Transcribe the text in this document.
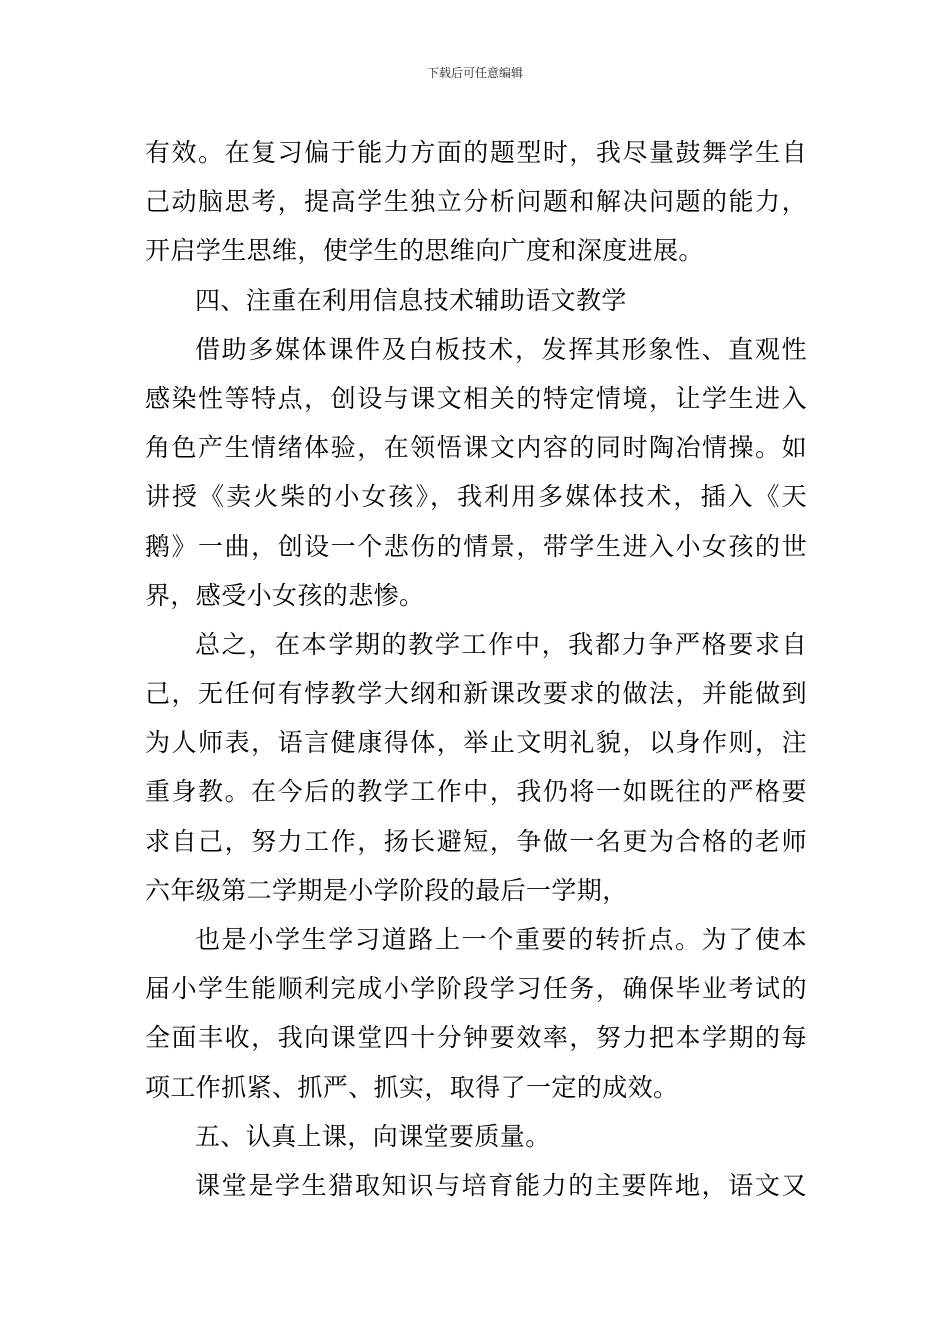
下载后可任意编辑
有效。在复习偏于能力方面的题型时，我尽量鼓舞学生自
己动脑思考，提高学生独立分析问题和解决问题的能力，
开启学生思维，使学生的思维向广度和深度进展。
四、注重在利用信息技术辅助语文教学
借助多媒体课件及白板技术，发挥其形象性、直观性
感染性等特点，创设与课文相关的特定情境，让学生进入
角色产生情绪体验，在领悟课文内容的同时陶冶情操。如
讲授《卖火柴的小女孩》，我利用多媒体技术，插入《天
鹅》一曲，创设一个悲伤的情景，带学生进入小女孩的世
界，感受小女孩的悲惨。
总之，在本学期的教学工作中，我都力争严格要求自
己，无任何有悖教学大纲和新课改要求的做法，并能做到
为人师表，语言健康得体，举止文明礼貌，以身作则，注
重身教。在今后的教学工作中，我仍将一如既往的严格要
求自己，努力工作，扬长避短，争做一名更为合格的老师
六年级第二学期是小学阶段的最后一学期，
也是小学生学习道路上一个重要的转折点。为了使本
届小学生能顺利完成小学阶段学习任务，确保毕业考试的
全面丰收，我向课堂四十分钟要效率，努力把本学期的每
项工作抓紧、抓严、抓实，取得了一定的成效。
五、认真上课，向课堂要质量。
课堂是学生猎取知识与培育能力的主要阵地，语文又
